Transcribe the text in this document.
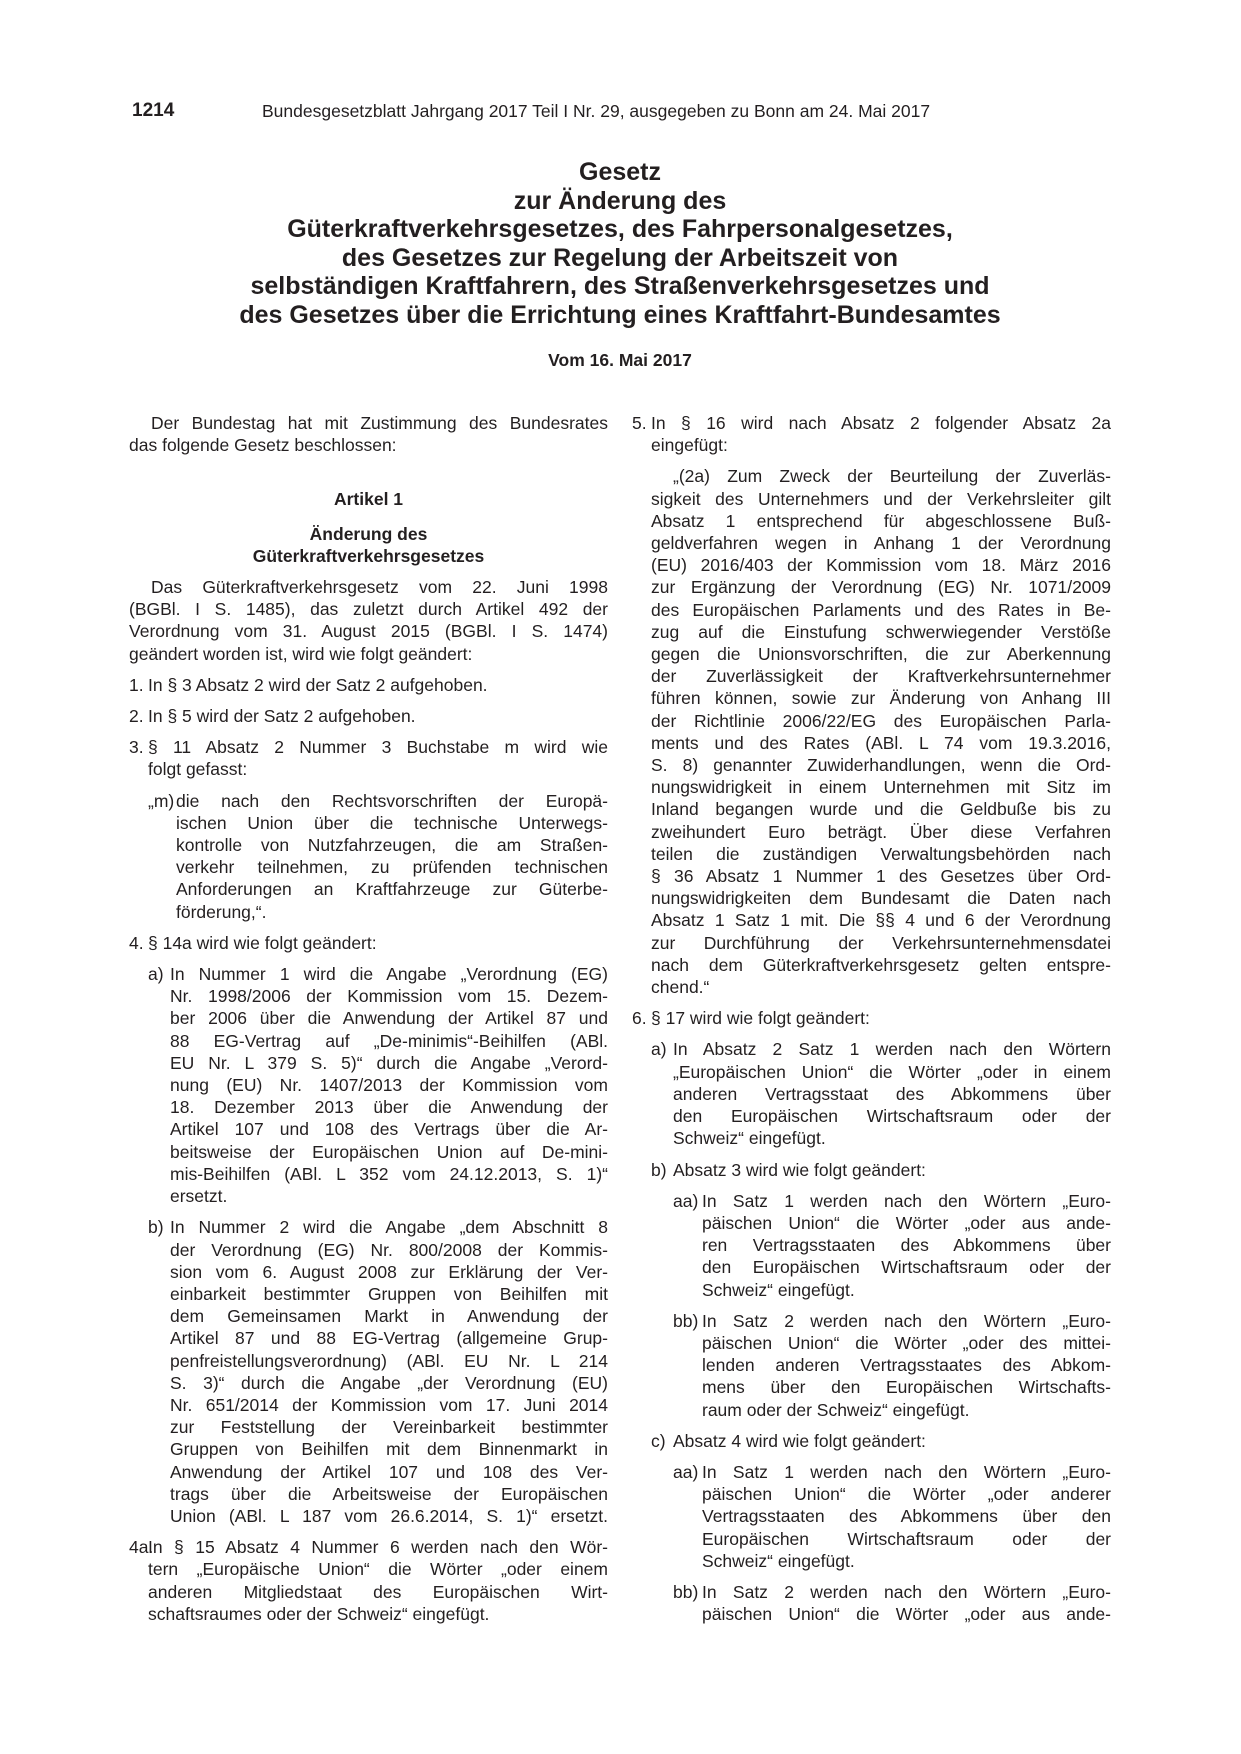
1214	Bundesgesetzblatt Jahrgang 2017 Teil I Nr. 29, ausgegeben zu Bonn am 24. Mai 2017

Gesetz

zur Änderung des

Güterkraftverkehrsgesetzes, des Fahrpersonalgesetzes,

des Gesetzes zur Regelung der Arbeitszeit von

selbständigen Kraftfahrern, des Straßenverkehrsgesetzes und

des Gesetzes über die Errichtung eines Kraftfahrt-Bundesamtes

Vom 16. Mai 2017

Der Bundestag hat mit Zustimmung des Bundesrates

das folgende Gesetz beschlossen:

Artikel 1

Änderung des

Güterkraftverkehrsgesetzes

Das Güterkraftverkehrsgesetz vom 22. Juni 1998

(BGBl. I S. 1485), das zuletzt durch Artikel 492 der

Verordnung vom 31. August 2015 (BGBl. I S. 1474)

geändert worden ist, wird wie folgt geändert:

1. In § 3 Absatz 2 wird der Satz 2 aufgehoben.

2. In § 5 wird der Satz 2 aufgehoben.

3. § 11 Absatz 2 Nummer 3 Buchstabe m wird wie

folgt gefasst:

„m) die nach den Rechtsvorschriften der Europä-

ischen Union über die technische Unterwegs-

kontrolle von Nutzfahrzeugen, die am Straßen-

verkehr teilnehmen, zu prüfenden technischen

Anforderungen an Kraftfahrzeuge zur Güterbe-

förderung,“.

4. § 14a wird wie folgt geändert:

a) In Nummer 1 wird die Angabe „Verordnung (EG)

Nr. 1998/2006 der Kommission vom 15. Dezem-

ber 2006 über die Anwendung der Artikel 87 und

88 EG-Vertrag auf „De-minimis“-Beihilfen (ABl.

EU Nr. L 379 S. 5)“ durch die Angabe „Verord-

nung (EU) Nr. 1407/2013 der Kommission vom

18. Dezember 2013 über die Anwendung der

Artikel 107 und 108 des Vertrags über die Ar-

beitsweise der Europäischen Union auf De-mini-

mis-Beihilfen (ABl. L 352 vom 24.12.2013, S. 1)“

ersetzt.

b) In Nummer 2 wird die Angabe „dem Abschnitt 8

der Verordnung (EG) Nr. 800/2008 der Kommis-

sion vom 6. August 2008 zur Erklärung der Ver-

einbarkeit bestimmter Gruppen von Beihilfen mit

dem Gemeinsamen Markt in Anwendung der

Artikel 87 und 88 EG-Vertrag (allgemeine Grup-

penfreistellungsverordnung) (ABl. EU Nr. L 214

S. 3)“ durch die Angabe „der Verordnung (EU)

Nr. 651/2014 der Kommission vom 17. Juni 2014

zur Feststellung der Vereinbarkeit bestimmter

Gruppen von Beihilfen mit dem Binnenmarkt in

Anwendung der Artikel 107 und 108 des Ver-

trags über die Arbeitsweise der Europäischen

Union (ABl. L 187 vom 26.6.2014, S. 1)“ ersetzt.

4a.

In § 15 Absatz 4 Nummer 6 werden nach den Wör-

tern „Europäische Union“ die Wörter „oder einem

anderen Mitgliedstaat des Europäischen Wirt-

schaftsraumes oder der Schweiz“ eingefügt.

5. In § 16 wird nach Absatz 2 folgender Absatz 2a

eingefügt:

„(2a) Zum Zweck der Beurteilung der Zuverläs-

sigkeit des Unternehmers und der Verkehrsleiter gilt

Absatz 1 entsprechend für abgeschlossene Buß-

geldverfahren wegen in Anhang 1 der Verordnung

(EU) 2016/403 der Kommission vom 18. März 2016

zur Ergänzung der Verordnung (EG) Nr. 1071/2009

des Europäischen Parlaments und des Rates in Be-

zug auf die Einstufung schwerwiegender Verstöße

gegen die Unionsvorschriften, die zur Aberkennung

der Zuverlässigkeit der Kraftverkehrsunternehmer

führen können, sowie zur Änderung von Anhang III

der Richtlinie 2006/22/EG des Europäischen Parla-

ments und des Rates (ABl. L 74 vom 19.3.2016,

S. 8) genannter Zuwiderhandlungen, wenn die Ord-

nungswidrigkeit in einem Unternehmen mit Sitz im

Inland begangen wurde und die Geldbuße bis zu

zweihundert Euro beträgt. Über diese Verfahren

teilen die zuständigen Verwaltungsbehörden nach

§ 36 Absatz 1 Nummer 1 des Gesetzes über Ord-

nungswidrigkeiten dem Bundesamt die Daten nach

Absatz 1 Satz 1 mit. Die §§ 4 und 6 der Verordnung

zur Durchführung der Verkehrsunternehmensdatei

nach dem Güterkraftverkehrsgesetz gelten entspre-

chend.“

6. § 17 wird wie folgt geändert:

a) In Absatz 2 Satz 1 werden nach den Wörtern

„Europäischen Union“ die Wörter „oder in einem

anderen Vertragsstaat des Abkommens über

den Europäischen Wirtschaftsraum oder der

Schweiz“ eingefügt.

b) Absatz 3 wird wie folgt geändert:

aa) In Satz 1 werden nach den Wörtern „Euro-

päischen Union“ die Wörter „oder aus ande-

ren Vertragsstaaten des Abkommens über

den Europäischen Wirtschaftsraum oder der

Schweiz“ eingefügt.

bb) In Satz 2 werden nach den Wörtern „Euro-

päischen Union“ die Wörter „oder des mittei-

lenden anderen Vertragsstaates des Abkom-

mens über den Europäischen Wirtschafts-

raum oder der Schweiz“ eingefügt.

c) Absatz 4 wird wie folgt geändert:

aa) In Satz 1 werden nach den Wörtern „Euro-

päischen Union“ die Wörter „oder anderer

Vertragsstaaten des Abkommens über den

Europäischen Wirtschaftsraum oder der

Schweiz“ eingefügt.

bb) In Satz 2 werden nach den Wörtern „Euro-

päischen Union“ die Wörter „oder aus ande-
